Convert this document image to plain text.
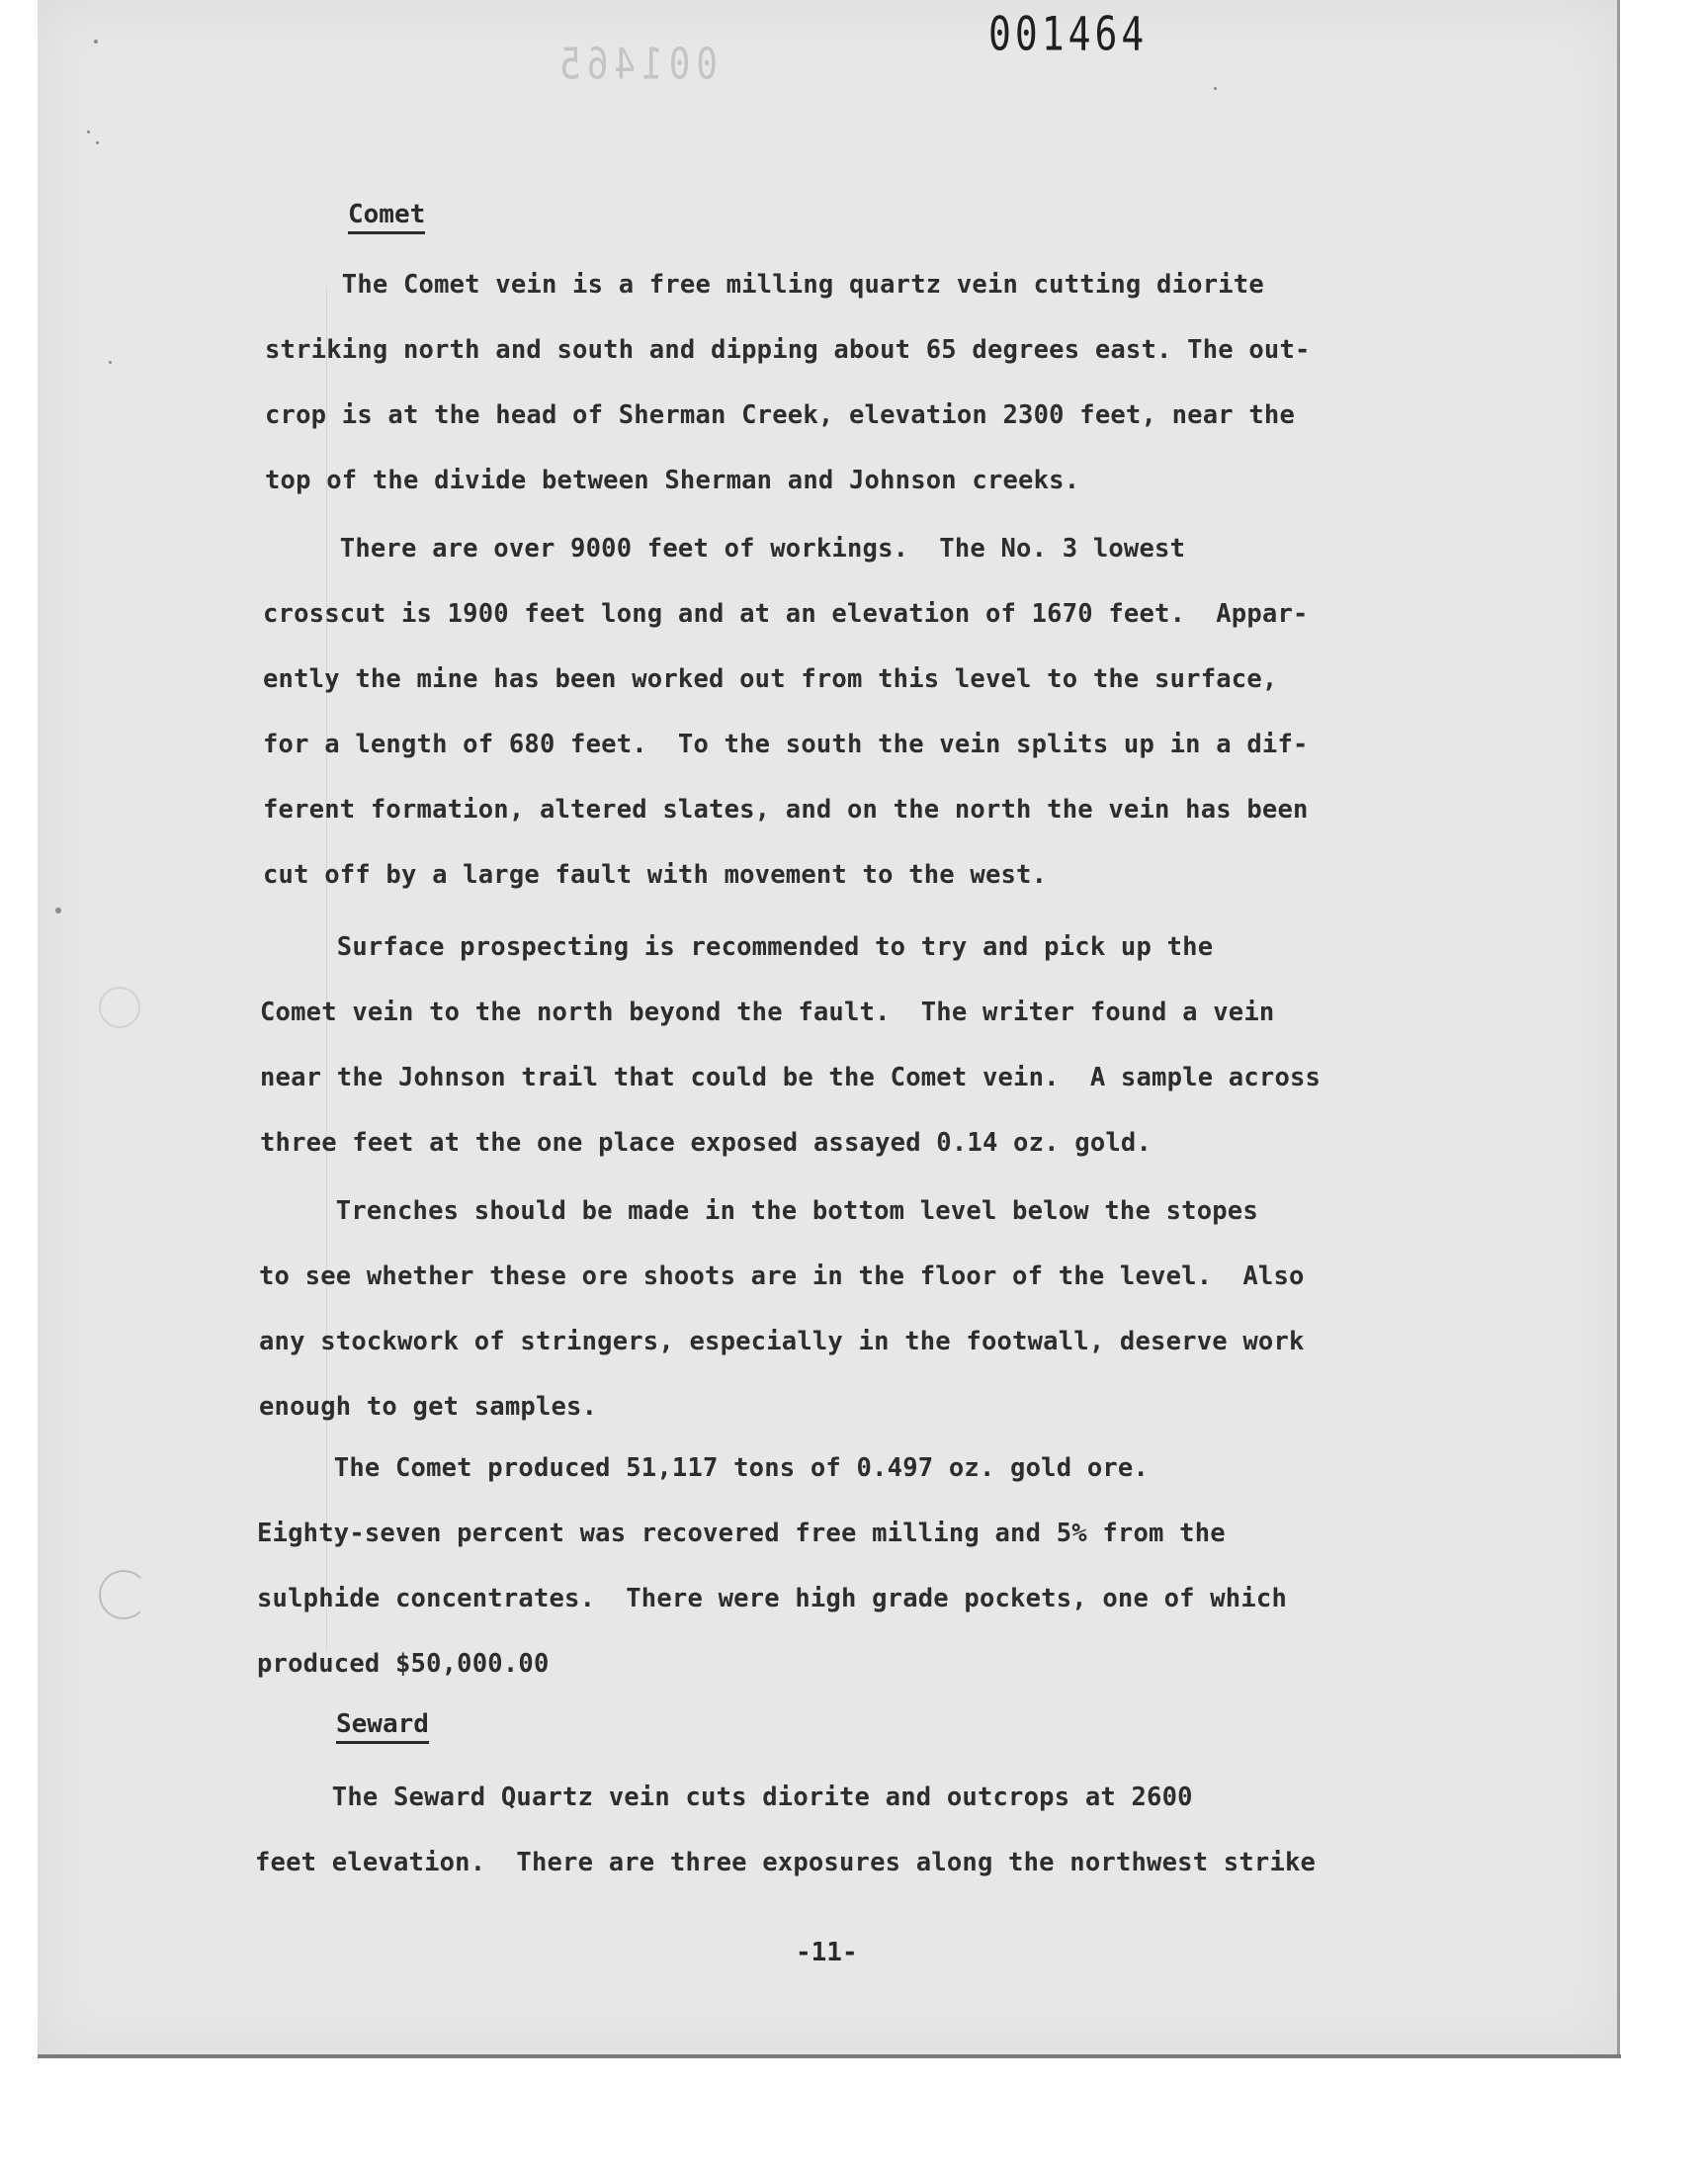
001464
001465
Comet
The Comet vein is a free milling quartz vein cutting diorite
striking north and south and dipping about 65 degrees east. The out-
crop is at the head of Sherman Creek, elevation 2300 feet, near the
top of the divide between Sherman and Johnson creeks.
There are over 9000 feet of workings.  The No. 3 lowest
crosscut is 1900 feet long and at an elevation of 1670 feet.  Appar-
ently the mine has been worked out from this level to the surface,
for a length of 680 feet.  To the south the vein splits up in a dif-
ferent formation, altered slates, and on the north the vein has been
cut off by a large fault with movement to the west.
Surface prospecting is recommended to try and pick up the
Comet vein to the north beyond the fault.  The writer found a vein
near the Johnson trail that could be the Comet vein.  A sample across
three feet at the one place exposed assayed 0.14 oz. gold.
Trenches should be made in the bottom level below the stopes
to see whether these ore shoots are in the floor of the level.  Also
any stockwork of stringers, especially in the footwall, deserve work
enough to get samples.
The Comet produced 51,117 tons of 0.497 oz. gold ore.
Eighty-seven percent was recovered free milling and 5% from the
sulphide concentrates.  There were high grade pockets, one of which
produced $50,000.00
Seward
The Seward Quartz vein cuts diorite and outcrops at 2600
feet elevation.  There are three exposures along the northwest strike
-11-
